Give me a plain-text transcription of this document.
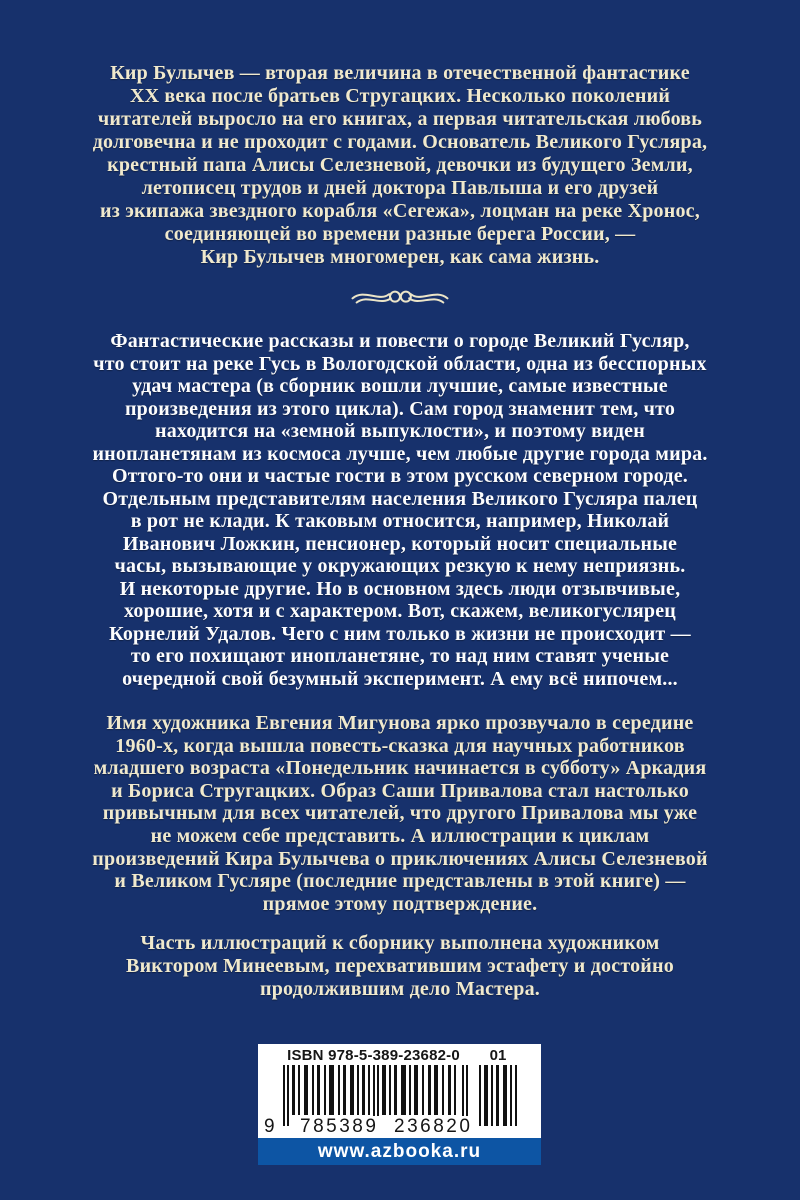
Кир Булычев — вторая величина в отечественной фантастике
ХХ века после братьев Стругацких. Несколько поколений
читателей выросло на его книгах, а первая читательская любовь
долговечна и не проходит с годами. Основатель Великого Гусляра,
крестный папа Алисы Селезневой, девочки из будущего Земли,
летописец трудов и дней доктора Павлыша и его друзей
из экипажа звездного корабля «Сегежа», лоцман на реке Хронос,
соединяющей во времени разные берега России, —
Кир Булычев многомерен, как сама жизнь.
Фантастические рассказы и повести о городе Великий Гусляр,
что стоит на реке Гусь в Вологодской области, одна из бесспорных
удач мастера (в сборник вошли лучшие, самые известные
произведения из этого цикла). Сам город знаменит тем, что
находится на «земной выпуклости», и поэтому виден
инопланетянам из космоса лучше, чем любые другие города мира.
Оттого-то они и частые гости в этом русском северном городе.
Отдельным представителям населения Великого Гусляра палец
в рот не клади. К таковым относится, например, Николай
Иванович Ложкин, пенсионер, который носит специальные
часы, вызывающие у окружающих резкую к нему неприязнь.
И некоторые другие. Но в основном здесь люди отзывчивые,
хорошие, хотя и с характером. Вот, скажем, великогуслярец
Корнелий Удалов. Чего с ним только в жизни не происходит —
то его похищают инопланетяне, то над ним ставят ученые
очередной свой безумный эксперимент. А ему всё нипочем...
Имя художника Евгения Мигунова ярко прозвучало в середине
1960-х, когда вышла повесть-сказка для научных работников
младшего возраста «Понедельник начинается в субботу» Аркадия
и Бориса Стругацких. Образ Саши Привалова стал настолько
привычным для всех читателей, что другого Привалова мы уже
не можем себе представить. А иллюстрации к циклам
произведений Кира Булычева о приключениях Алисы Селезневой
и Великом Гусляре (последние представлены в этой книге) —
прямое этому подтверждение.
Часть иллюстраций к сборнику выполнена художником
Виктором Минеевым, перехватившим эстафету и достойно
продолжившим дело Мастера.
ISBN 978-5-389-23682-0	01
9 785389 236820
www.azbooka.ru
